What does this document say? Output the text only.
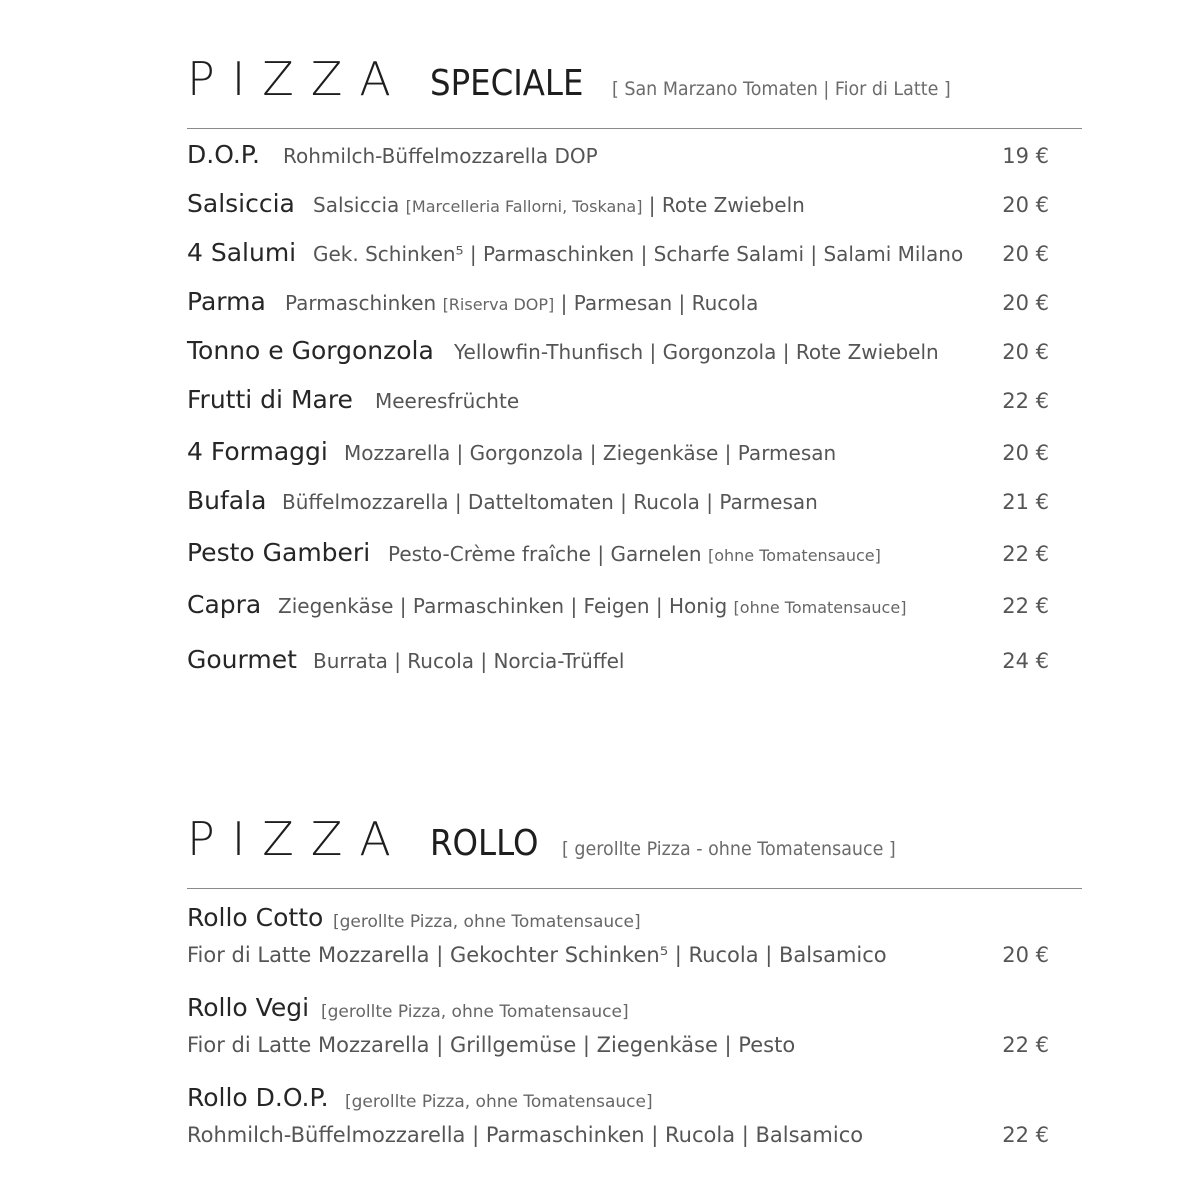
PIZZA SPECIALE [ San Marzano Tomaten | Fior di Latte ]
D.O.P. Rohmilch-Büffelmozzarella DOP	19 €
Salsiccia Salsiccia [Marcelleria Fallorni, Toskana] | Rote Zwiebeln	20 €
4 Salumi Gek. Schinken⁵ | Parmaschinken | Scharfe Salami | Salami Milano 20 €
Parma Parmaschinken [Riserva DOP] | Parmesan | Rucola	20 €
Tonno e Gorgonzola Yellowfin-Thunfisch | Gorgonzola | Rote Zwiebeln	20 €
Frutti di Mare Meeresfrüchte	22 €
4 Formaggi Mozzarella | Gorgonzola | Ziegenkäse | Parmesan	20 €
Bufala Büffelmozzarella | Datteltomaten | Rucola | Parmesan	21 €
Pesto Gamberi Pesto-Crème fraîche | Garnelen [ohne Tomatensauce]	22 €
Capra Ziegenkäse | Parmaschinken | Feigen | Honig [ohne Tomatensauce]	22 €
Gourmet Burrata | Rucola | Norcia-Trüffel	24 €
PIZZA ROLLO [ gerollte Pizza - ohne Tomatensauce ]
Rollo Cotto [gerollte Pizza, ohne Tomatensauce]
Fior di Latte Mozzarella | Gekochter Schinken⁵ | Rucola | Balsamico	20 €
Rollo Vegi [gerollte Pizza, ohne Tomatensauce]
Fior di Latte Mozzarella | Grillgemüse | Ziegenkäse | Pesto	22 €
Rollo D.O.P. [gerollte Pizza, ohne Tomatensauce]
Rohmilch-Büffelmozzarella | Parmaschinken | Rucola | Balsamico	22 €
